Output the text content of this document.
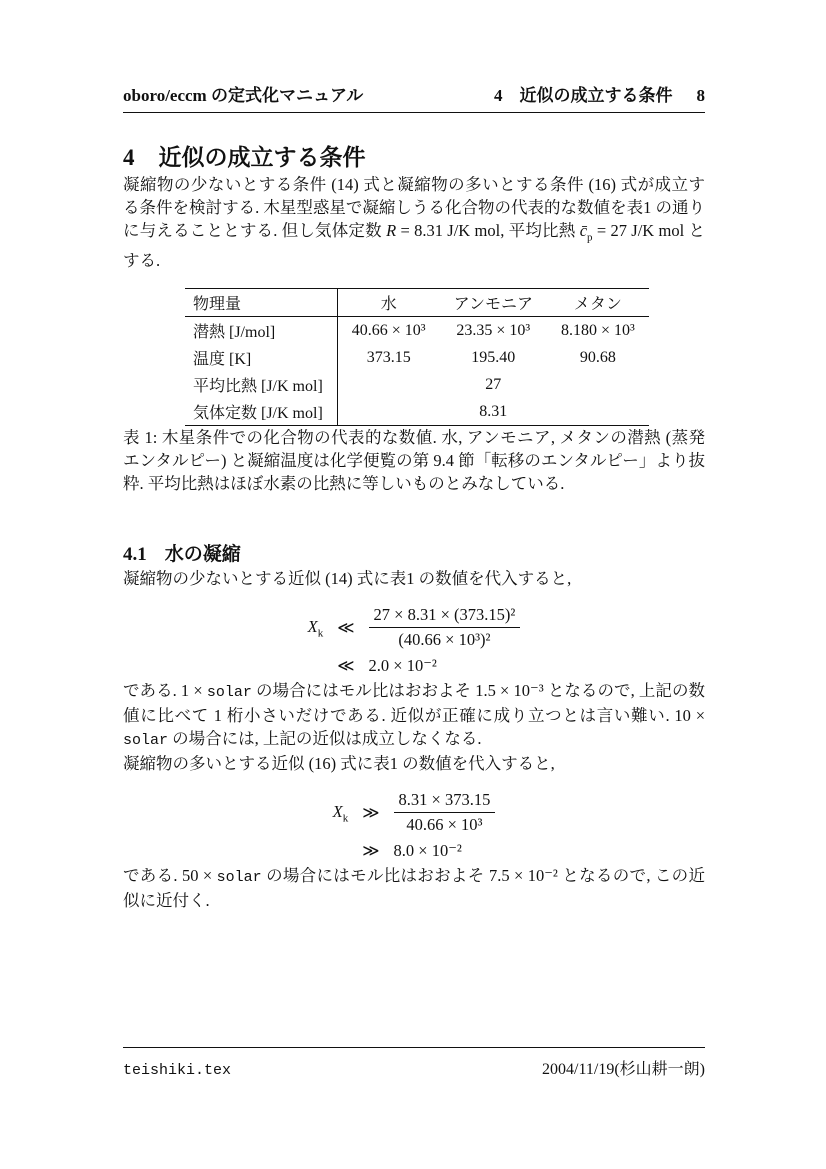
oboro/eccm の定式化マニュアル	4　近似の成立する条件 8
4 近似の成立する条件

凝縮物の少ないとする条件 (14) 式と凝縮物の多いとする条件 (16) 式が成立する条件を検討する. 木星型惑星で凝縮しうる化合物の代表的な数値を表1 の通りに与えることとする. 但し気体定数 R = 8.31 J/K mol, 平均比熱 $c̄_p = 27$ J/K mol とする.

物理量	水	アンモニア	メタン
潜熱 [J/mol]	40.66 × 10³	23.35 × 10³	8.180 × 10³
温度 [K]	373.15	195.40	90.68
平均比熱 [J/K mol]	27		
気体定数 [J/K mol]	8.31		

表 1: 木星条件での化合物の代表的な数値. 水, アンモニア, メタンの潜熱 (蒸発エンタルピー) と凝縮温度は化学便覧の第 9.4 節「転移のエンタルピー」より抜粋. 平均比熱はほぼ水素の比熱に等しいものとみなしている.

4.1 水の凝縮

凝縮物の少ないとする近似 (14) 式に表1 の数値を代入すると,

$X_k$	≪	$\frac{\text{27 × 8.31 × (373.15)²}}{\text{(40.66 × 10³)²}}$

	≪	2.0 × 10⁻²

である. 1 × solar の場合にはモル比はおおよそ 1.5 × 10⁻³ となるので, 上記の数値に比べて 1 桁小さいだけである. 近似が正確に成り立つとは言い難い. 10 × solar の場合には, 上記の近似は成立しなくなる.

凝縮物の多いとする近似 (16) 式に表1 の数値を代入すると,

$X_k$	≫	$\frac{8.31 \times 373.15}{\text{40.66 × 10³}}$

	≫	8.0 × 10⁻²

である. 50 × solar の場合にはモル比はおおよそ 7.5 × 10⁻² となるので, この近似に近付く.

teishiki.tex	2004/11/19(杉山耕一朗)
